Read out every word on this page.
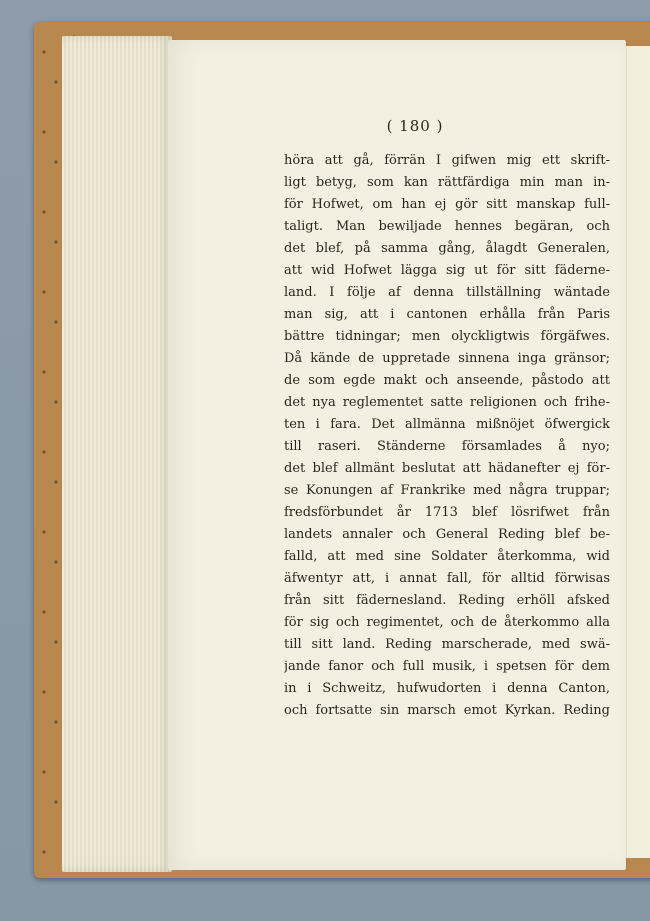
( 180 )
höra att gå, förrän I gifwen mig ett skrift-
ligt betyg, som kan rättfärdiga min man in-
för Hofwet, om han ej gör sitt manskap full-
taligt. Man bewiljade hennes begäran, och
det blef, på samma gång, ålagdt Generalen,
att wid Hofwet lägga sig ut för sitt fäderne-
land. I följe af denna tillställning wäntade
man sig, att i cantonen erhålla från Paris
bättre tidningar; men olyckligtwis förgäfwes.
Då kände de uppretade sinnena inga gränsor;
de som egde makt och anseende, påstodo att
det nya reglementet satte religionen och frihe-
ten i fara. Det allmänna mißnöjet öfwergick
till raseri. Ständerne församlades å nyo;
det blef allmänt beslutat att hädanefter ej för-
se Konungen af Frankrike med några truppar;
fredsförbundet år 1713 blef lösrifwet från
landets annaler och General Reding blef be-
falld, att med sine Soldater återkomma, wid
äfwentyr att, i annat fall, för alltid förwisas
från sitt fädernesland. Reding erhöll afsked
för sig och regimentet, och de återkommo alla
till sitt land. Reding marscherade, med swä-
jande fanor och full musik, i spetsen för dem
in i Schweitz, hufwudorten i denna Canton,
och fortsatte sin marsch emot Kyrkan. Reding
